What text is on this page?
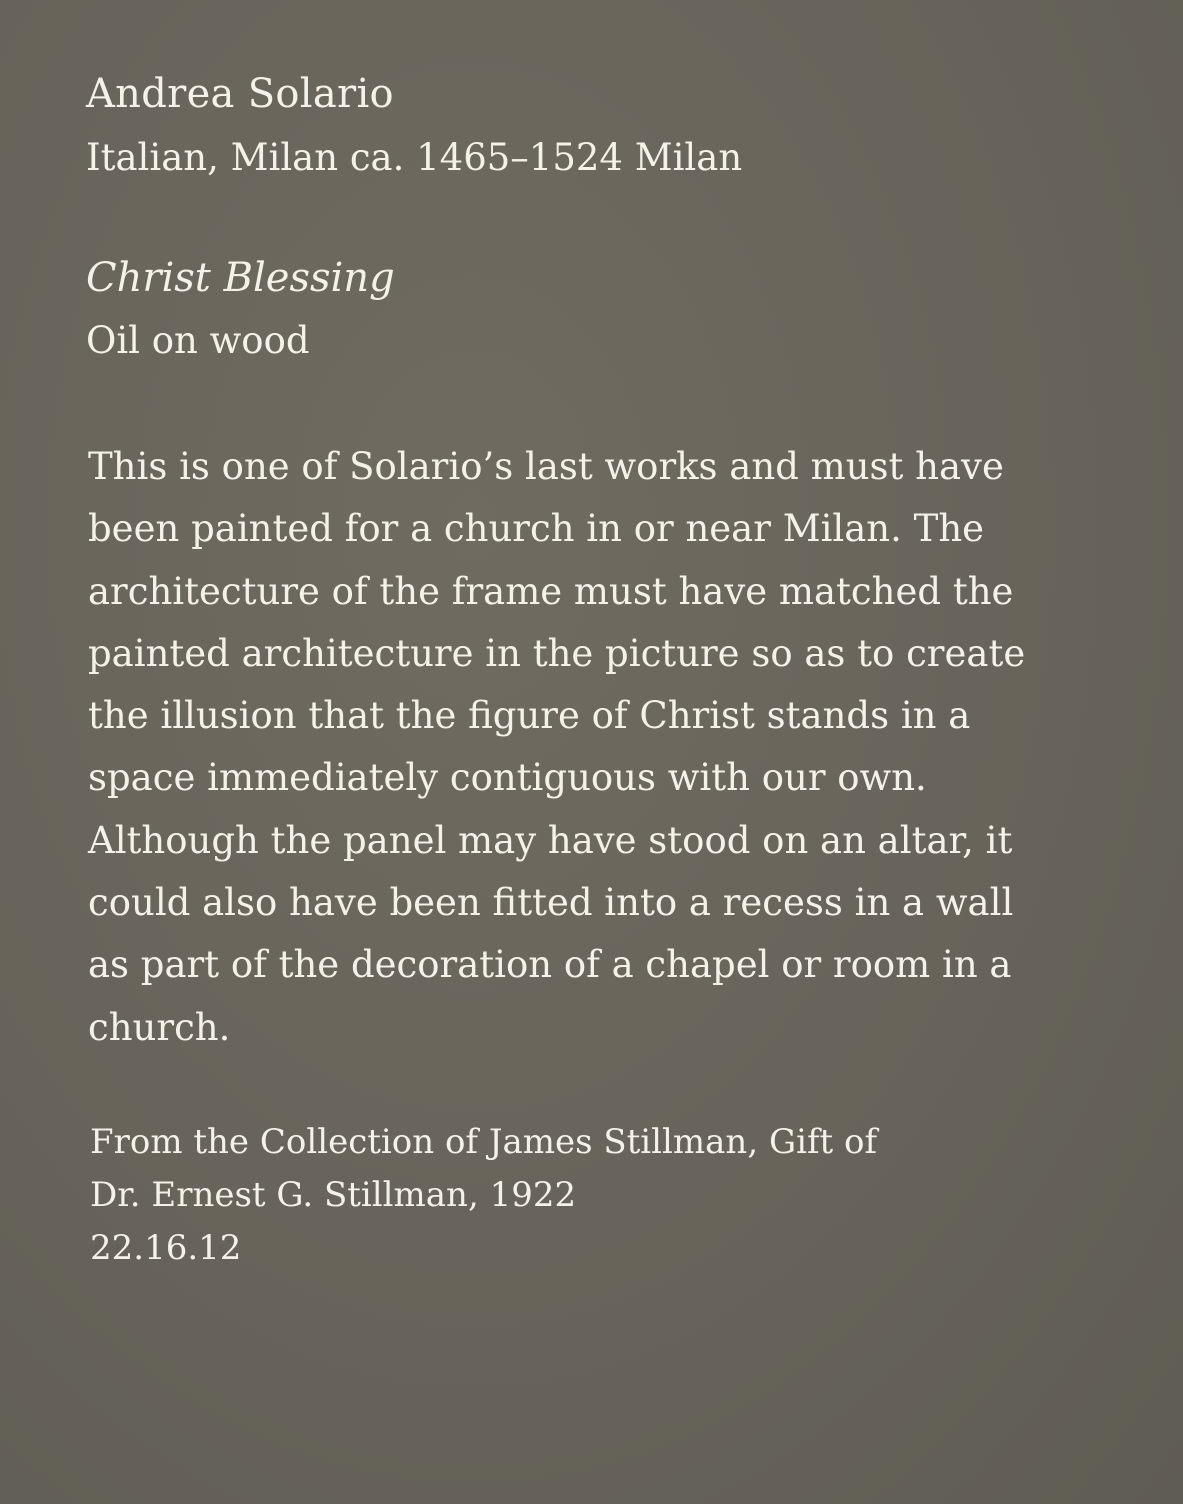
Andrea Solario

Italian, Milan ca. 1465–1524 Milan

Christ Blessing

Oil on wood

This is one of Solario’s last works and must have
been painted for a church in or near Milan. The
architecture of the frame must have matched the
painted architecture in the picture so as to create
the illusion that the figure of Christ stands in a
space immediately contiguous with our own.
Although the panel may have stood on an altar, it
could also have been fitted into a recess in a wall
as part of the decoration of a chapel or room in a
church.
From the Collection of James Stillman, Gift of
Dr. Ernest G. Stillman, 1922
22.16.12
